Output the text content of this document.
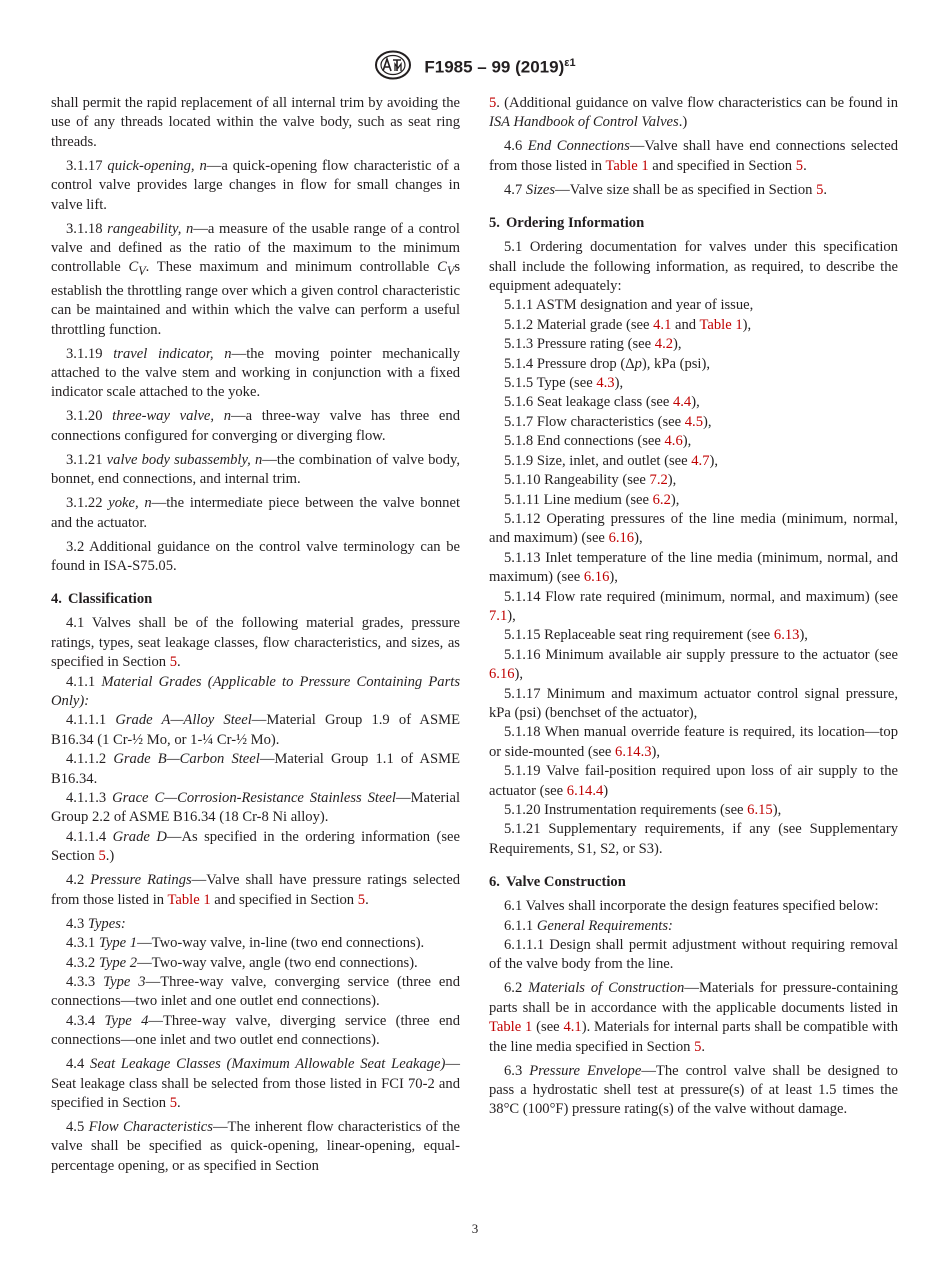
F1985 – 99 $(2019)^{\varepsilon 1}$

shall permit the rapid replacement of all internal trim by avoiding the use of any threads located within the valve body, such as seat ring threads.

3.1.17 quick-opening, n—a quick-opening flow characteristic of a control valve provides large changes in flow for small changes in valve lift.

3.1.18 rangeability, n—a measure of the usable range of a control valve and defined as the ratio of the maximum to the minimum controllable $C_V$. These maximum and minimum controllable $C_Vs$ establish the throttling range over which a given control characteristic can be maintained and within which the valve can perform a useful throttling function.

3.1.19 travel indicator, n—the moving pointer mechanically attached to the valve stem and working in conjunction with a fixed indicator scale attached to the yoke.

3.1.20 three-way valve, n—a three-way valve has three end connections configured for converging or diverging flow.

3.1.21 valve body subassembly, n—the combination of valve body, bonnet, end connections, and internal trim.

3.1.22 yoke, n—the intermediate piece between the valve bonnet and the actuator.

3.2 Additional guidance on the control valve terminology can be found in ISA-S75.05.

4. Classification

4.1 Valves shall be of the following material grades, pressure ratings, types, seat leakage classes, flow characteristics, and sizes, as specified in Section 5.

4.1.1 Material Grades (Applicable to Pressure Containing Parts Only):

4.1.1.1 Grade A—Alloy Steel—Material Group 1.9 of ASME B16.34 (1 Cr-½ Mo, or 1-¼ Cr-½ Mo).

4.1.1.2 Grade B—Carbon Steel—Material Group 1.1 of ASME B16.34.

4.1.1.3 Grace C—Corrosion-Resistance Stainless Steel—Material Group 2.2 of ASME B16.34 (18 Cr-8 Ni alloy).

4.1.1.4 Grade D—As specified in the ordering information (see Section 5.)

4.2 Pressure Ratings—Valve shall have pressure ratings selected from those listed in Table 1 and specified in Section 5.

4.3 Types:

4.3.1 Type 1—Two-way valve, in-line (two end connections).

4.3.2 Type 2—Two-way valve, angle (two end connections).

4.3.3 Type 3—Three-way valve, converging service (three end connections—two inlet and one outlet end connections).

4.3.4 Type 4—Three-way valve, diverging service (three end connections—one inlet and two outlet end connections).

4.4 Seat Leakage Classes (Maximum Allowable Seat Leakage)—Seat leakage class shall be selected from those listed in FCI 70-2 and specified in Section 5.

4.5 Flow Characteristics—The inherent flow characteristics of the valve shall be specified as quick-opening, linear-opening, equal-percentage opening, or as specified in Section

5. (Additional guidance on valve flow characteristics can be found in ISA Handbook of Control Valves.)

4.6 End Connections—Valve shall have end connections selected from those listed in Table 1 and specified in Section 5.

4.7 Sizes—Valve size shall be as specified in Section 5.

5. Ordering Information

5.1 Ordering documentation for valves under this specification shall include the following information, as required, to describe the equipment adequately:

5.1.1 ASTM designation and year of issue,

5.1.2 Material grade (see 4.1 and Table 1),

5.1.3 Pressure rating (see 4.2),

5.1.4 Pressure drop (Δp), kPa (psi),

5.1.5 Type (see 4.3),

5.1.6 Seat leakage class (see 4.4),

5.1.7 Flow characteristics (see 4.5),

5.1.8 End connections (see 4.6),

5.1.9 Size, inlet, and outlet (see 4.7),

5.1.10 Rangeability (see 7.2),

5.1.11 Line medium (see 6.2),

5.1.12 Operating pressures of the line media (minimum, normal, and maximum) (see 6.16),

5.1.13 Inlet temperature of the line media (minimum, normal, and maximum) (see 6.16),

5.1.14 Flow rate required (minimum, normal, and maximum) (see 7.1),

5.1.15 Replaceable seat ring requirement (see 6.13),

5.1.16 Minimum available air supply pressure to the actuator (see 6.16),

5.1.17 Minimum and maximum actuator control signal pressure, kPa (psi) (benchset of the actuator),

5.1.18 When manual override feature is required, its location—top or side-mounted (see 6.14.3),

5.1.19 Valve fail-position required upon loss of air supply to the actuator (see 6.14.4)

5.1.20 Instrumentation requirements (see 6.15),

5.1.21 Supplementary requirements, if any (see Supplementary Requirements, S1, S2, or S3).

6. Valve Construction

6.1 Valves shall incorporate the design features specified below:

6.1.1 General Requirements:

6.1.1.1 Design shall permit adjustment without requiring removal of the valve body from the line.

6.2 Materials of Construction—Materials for pressure-containing parts shall be in accordance with the applicable documents listed in Table 1 (see 4.1). Materials for internal parts shall be compatible with the line media specified in Section 5.

6.3 Pressure Envelope—The control valve shall be designed to pass a hydrostatic shell test at pressure(s) of at least 1.5 times the 38°C (100°F) pressure rating(s) of the valve without damage.

3
